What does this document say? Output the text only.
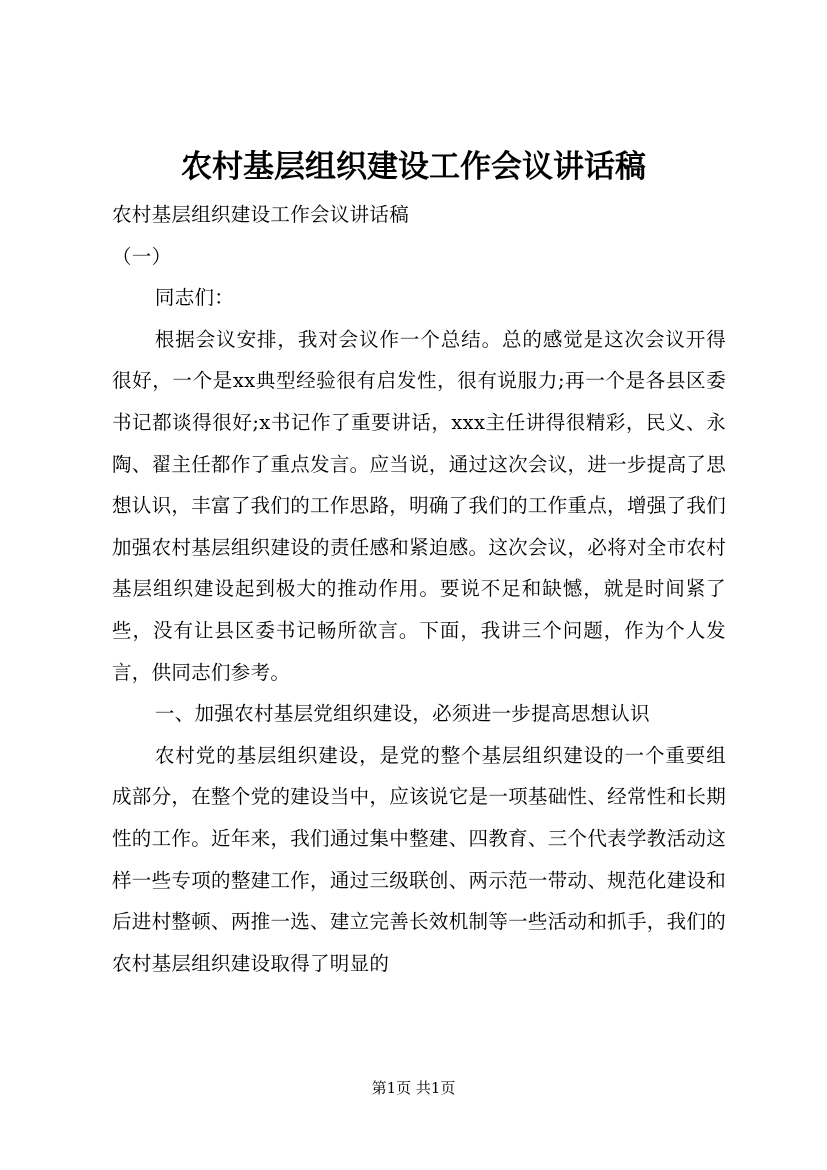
农村基层组织建设工作会议讲话稿

农村基层组织建设工作会议讲话稿

（一）

同志们：

根据会议安排，我对会议作一个总结。总的感觉是这次会议开得很好，一个是xx典型经验很有启发性，很有说服力;再一个是各县区委书记都谈得很好;x书记作了重要讲话，xxx主任讲得很精彩，民义、永陶、翟主任都作了重点发言。应当说，通过这次会议，进一步提高了思想认识，丰富了我们的工作思路，明确了我们的工作重点，增强了我们加强农村基层组织建设的责任感和紧迫感。这次会议，必将对全市农村基层组织建设起到极大的推动作用。要说不足和缺憾，就是时间紧了些，没有让县区委书记畅所欲言。下面，我讲三个问题，作为个人发言，供同志们参考。

一、加强农村基层党组织建设，必须进一步提高思想认识

农村党的基层组织建设，是党的整个基层组织建设的一个重要组成部分，在整个党的建设当中，应该说它是一项基础性、经常性和长期性的工作。近年来，我们通过集中整建、四教育、三个代表学教活动这样一些专项的整建工作，通过三级联创、两示范一带动、规范化建设和后进村整顿、两推一选、建立完善长效机制等一些活动和抓手，我们的农村基层组织建设取得了明显的

第1页 共1页
